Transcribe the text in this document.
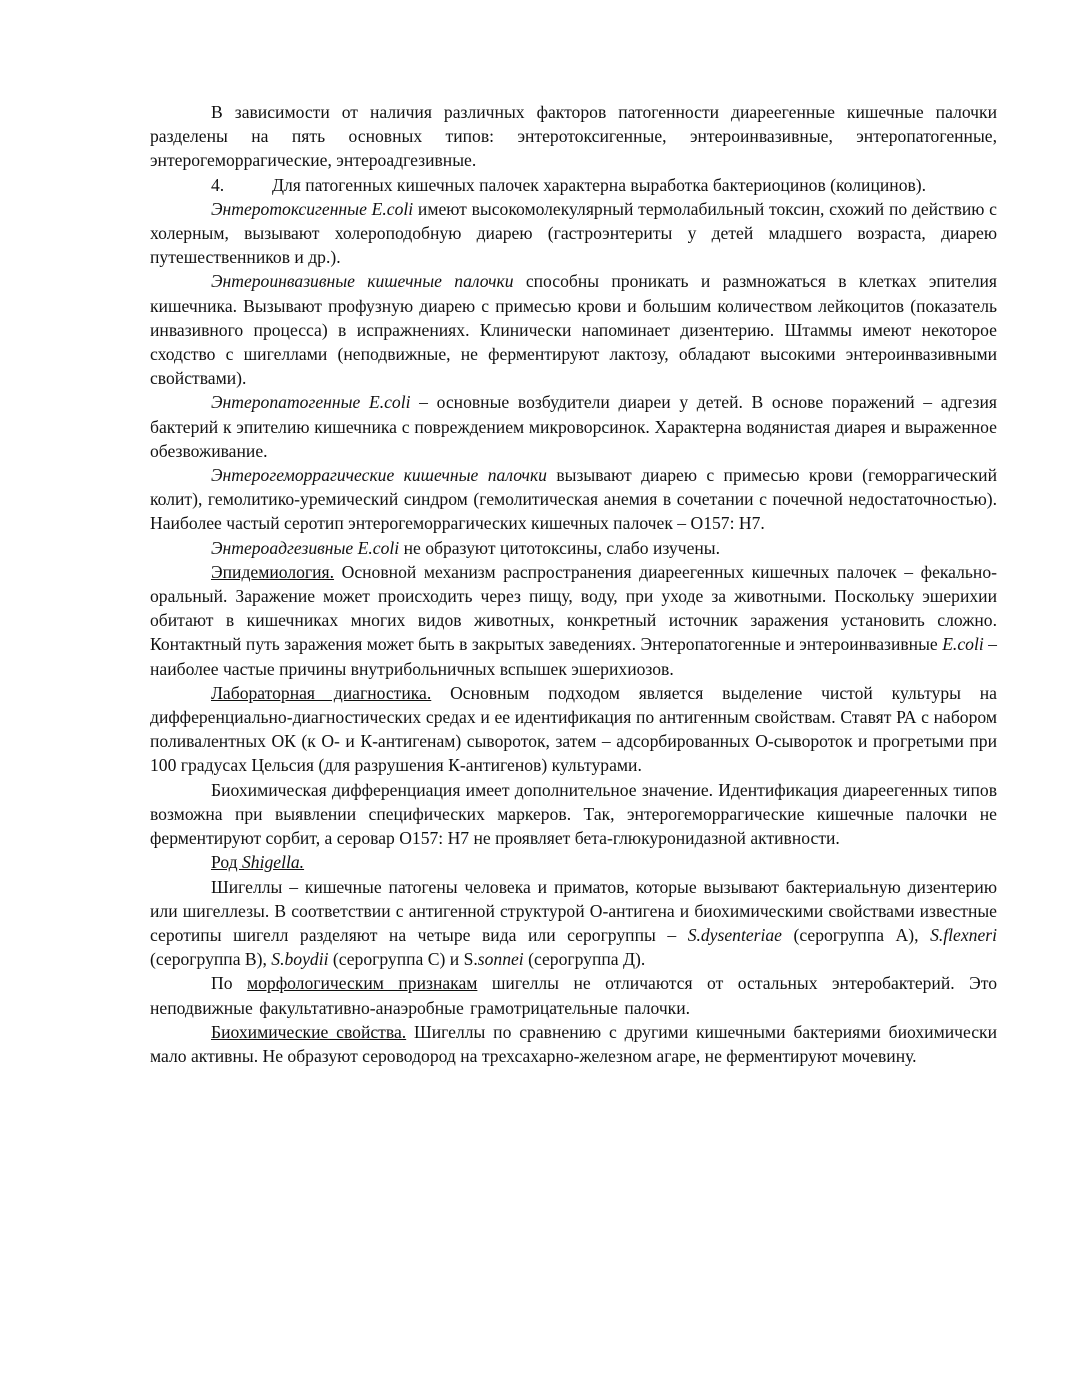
В зависимости от наличия различных факторов патогенности диареегенные кишечные палочки разделены на пять основных типов: энтеротоксигенные, энтероинвазивные, энтеропатогенные, энтерогеморрагические, энтероадгезивные.

4.	Для патогенных кишечных палочек характерна выработка бактериоцинов (колицинов).

Энтеротоксигенные E.coli имеют высокомолекулярный термолабильный токсин, схожий по действию с холерным, вызывают холероподобную диарею (гастроэнтериты у детей младшего возраста, диарею путешественников и др.).

Энтероинвазивные кишечные палочки способны проникать и размножаться в клетках эпителия кишечника. Вызывают профузную диарею с примесью крови и большим количеством лейкоцитов (показатель инвазивного процесса) в испражнениях. Клинически напоминает дизентерию. Штаммы имеют некоторое сходство с шигеллами (неподвижные, не ферментируют лактозу, обладают высокими энтероинвазивными свойствами).

Энтеропатогенные E.coli – основные возбудители диареи у детей. В основе поражений – адгезия бактерий к эпителию кишечника с повреждением микроворсинок. Характерна водянистая диарея и выраженное обезвоживание.

Энтерогеморрагические кишечные палочки вызывают диарею с примесью крови (геморрагический колит), гемолитико-уремический синдром (гемолитическая анемия в сочетании с почечной недостаточностью). Наиболее частый серотип энтерогеморрагических кишечных палочек – O157: H7.

Энтероадгезивные E.coli не образуют цитотоксины, слабо изучены.

Эпидемиология. Основной механизм распространения диареегенных кишечных палочек – фекально-оральный. Заражение может происходить через пищу, воду, при уходе за животными. Поскольку эшерихии обитают в кишечниках многих видов животных, конкретный источник заражения установить сложно. Контактный путь заражения может быть в закрытых заведениях. Энтеропатогенные и энтероинвазивные E.coli – наиболее частые причины внутрибольничных вспышек эшерихиозов.

Лабораторная диагностика. Основным подходом является выделение чистой культуры на дифференциально-диагностических средах и ее идентификация по антигенным свойствам. Ставят РА с набором поливалентных ОК (к О- и К-антигенам) сывороток, затем – адсорбированных О-сывороток и прогретыми при 100 градусах Цельсия (для разрушения К-антигенов) культурами.

Биохимическая дифференциация имеет дополнительное значение. Идентификация диареегенных типов возможна при выявлении специфических маркеров. Так, энтерогеморрагические кишечные палочки не ферментируют сорбит, а серовар O157: H7 не проявляет бета-глюкуронидазной активности.

Род Shigella.

Шигеллы – кишечные патогены человека и приматов, которые вызывают бактериальную дизентерию или шигеллезы. В соответствии с антигенной структурой О-антигена и биохимическими свойствами известные серотипы шигелл разделяют на четыре вида или серогруппы – S.dysenteriae (серогруппа А), S.flexneri (серогруппа В), S.boydii (серогруппа С) и S.sonnei (серогруппа Д).

По морфологическим признакам шигеллы не отличаются от остальных энтеробактерий. Это неподвижные факультативно-анаэробные грамотрицательные палочки.

Биохимические свойства. Шигеллы по сравнению с другими кишечными бактериями биохимически мало активны. Не образуют сероводород на трехсахарно-железном агаре, не ферментируют мочевину.
